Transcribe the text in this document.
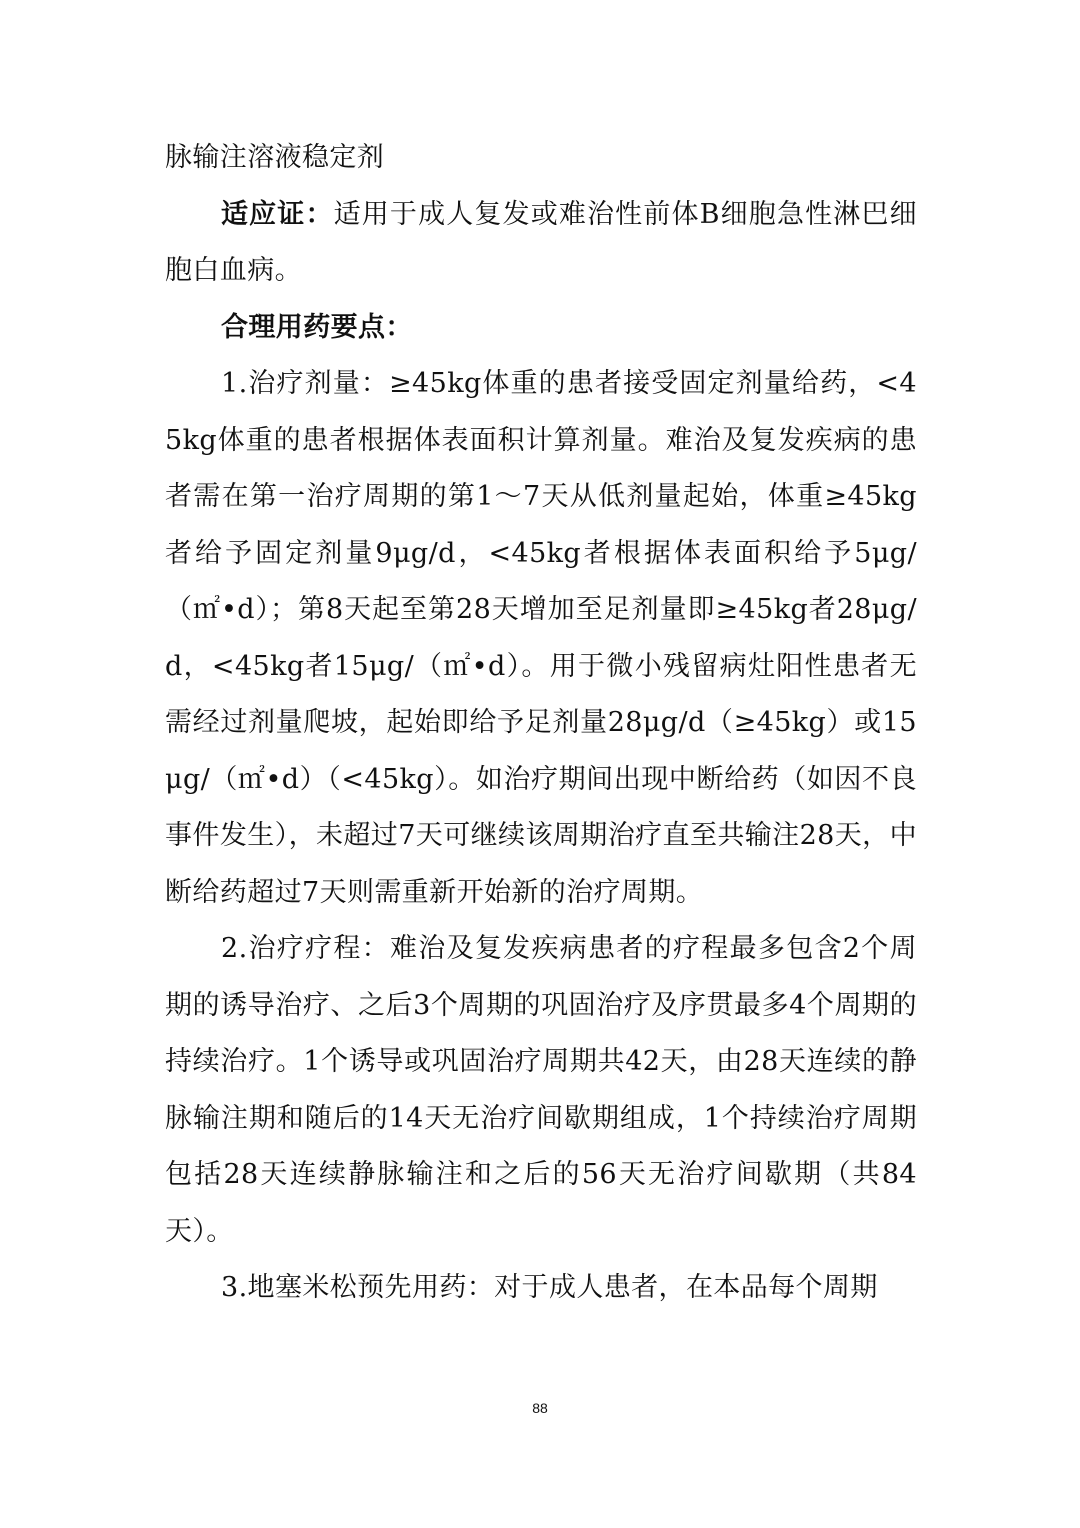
脉输注溶液稳定剂

适应证：适用于成人复发或难治性前体B细胞急性淋巴细胞白血病。

合理用药要点：

1.治疗剂量：≥45kg体重的患者接受固定剂量给药，<45kg体重的患者根据体表面积计算剂量。难治及复发疾病的患者需在第一治疗周期的第1～7天从低剂量起始，体重≥45kg者给予固定剂量9μg/d，<45kg者根据体表面积给予5μg/（㎡•d）；第8天起至第28天增加至足剂量即≥45kg者28μg/d，<45kg者15μg/（㎡•d）。用于微小残留病灶阳性患者无需经过剂量爬坡，起始即给予足剂量28μg/d（≥45kg）或15μg/（㎡•d）（<45kg）。如治疗期间出现中断给药（如因不良事件发生），未超过7天可继续该周期治疗直至共输注28天，中断给药超过7天则需重新开始新的治疗周期。

2.治疗疗程：难治及复发疾病患者的疗程最多包含2个周期的诱导治疗、之后3个周期的巩固治疗及序贯最多4个周期的持续治疗。1个诱导或巩固治疗周期共42天，由28天连续的静脉输注期和随后的14天无治疗间歇期组成，1个持续治疗周期包括28天连续静脉输注和之后的56天无治疗间歇期（共84天）。

3.地塞米松预先用药：对于成人患者，在本品每个周期

88
